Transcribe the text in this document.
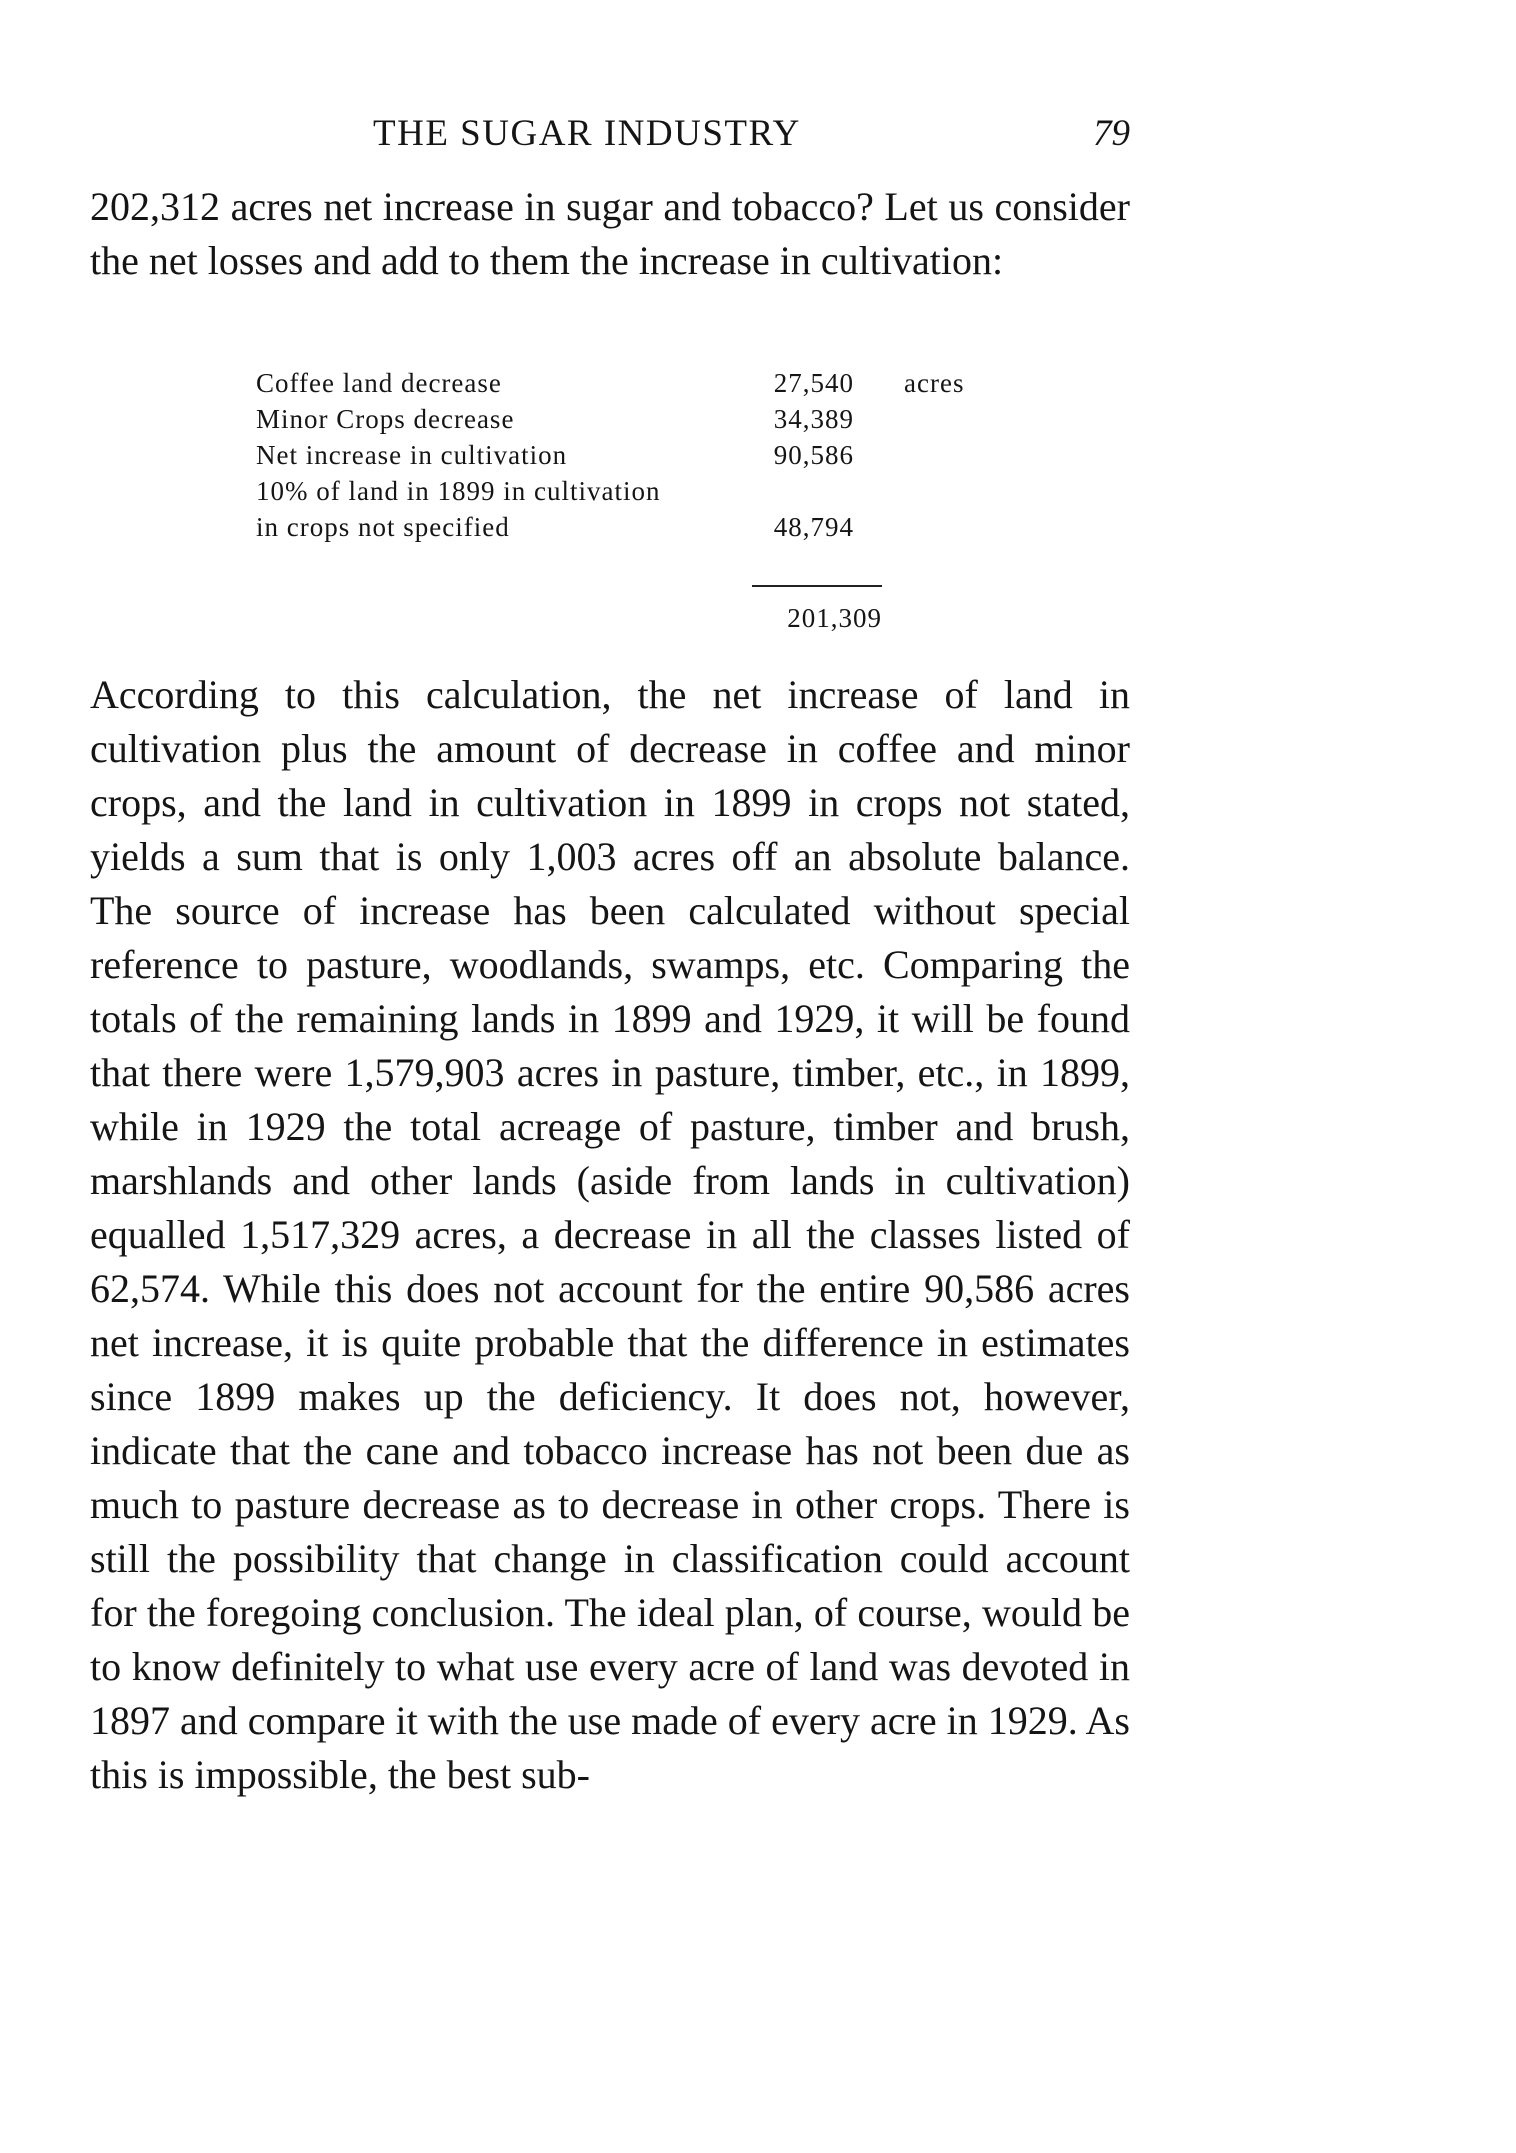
THE SUGAR INDUSTRY	79

202,312 acres net increase in sugar and tobacco? Let us consider the net losses and add to them the increase in cultivation:

Coffee land decrease	27,540 acres
Minor Crops decrease	34,389
Net increase in cultivation	90,586
10% of land in 1899 in cultivation
in crops not specified	48,794
201,309

According to this calculation, the net increase of land in cultivation plus the amount of decrease in coffee and minor crops, and the land in cultivation in 1899 in crops not stated, yields a sum that is only 1,003 acres off an absolute balance. The source of increase has been calculated without special reference to pasture, woodlands, swamps, etc. Comparing the totals of the remaining lands in 1899 and 1929, it will be found that there were 1,579,903 acres in pasture, timber, etc., in 1899, while in 1929 the total acreage of pasture, timber and brush, marshlands and other lands (aside from lands in cultivation) equalled 1,517,329 acres, a decrease in all the classes listed of 62,574. While this does not account for the entire 90,586 acres net increase, it is quite probable that the difference in estimates since 1899 makes up the deficiency. It does not, however, indicate that the cane and tobacco increase has not been due as much to pasture decrease as to decrease in other crops. There is still the possibility that change in classification could account for the foregoing conclusion. The ideal plan, of course, would be to know definitely to what use every acre of land was devoted in 1897 and compare it with the use made of every acre in 1929. As this is impossible, the best sub-
